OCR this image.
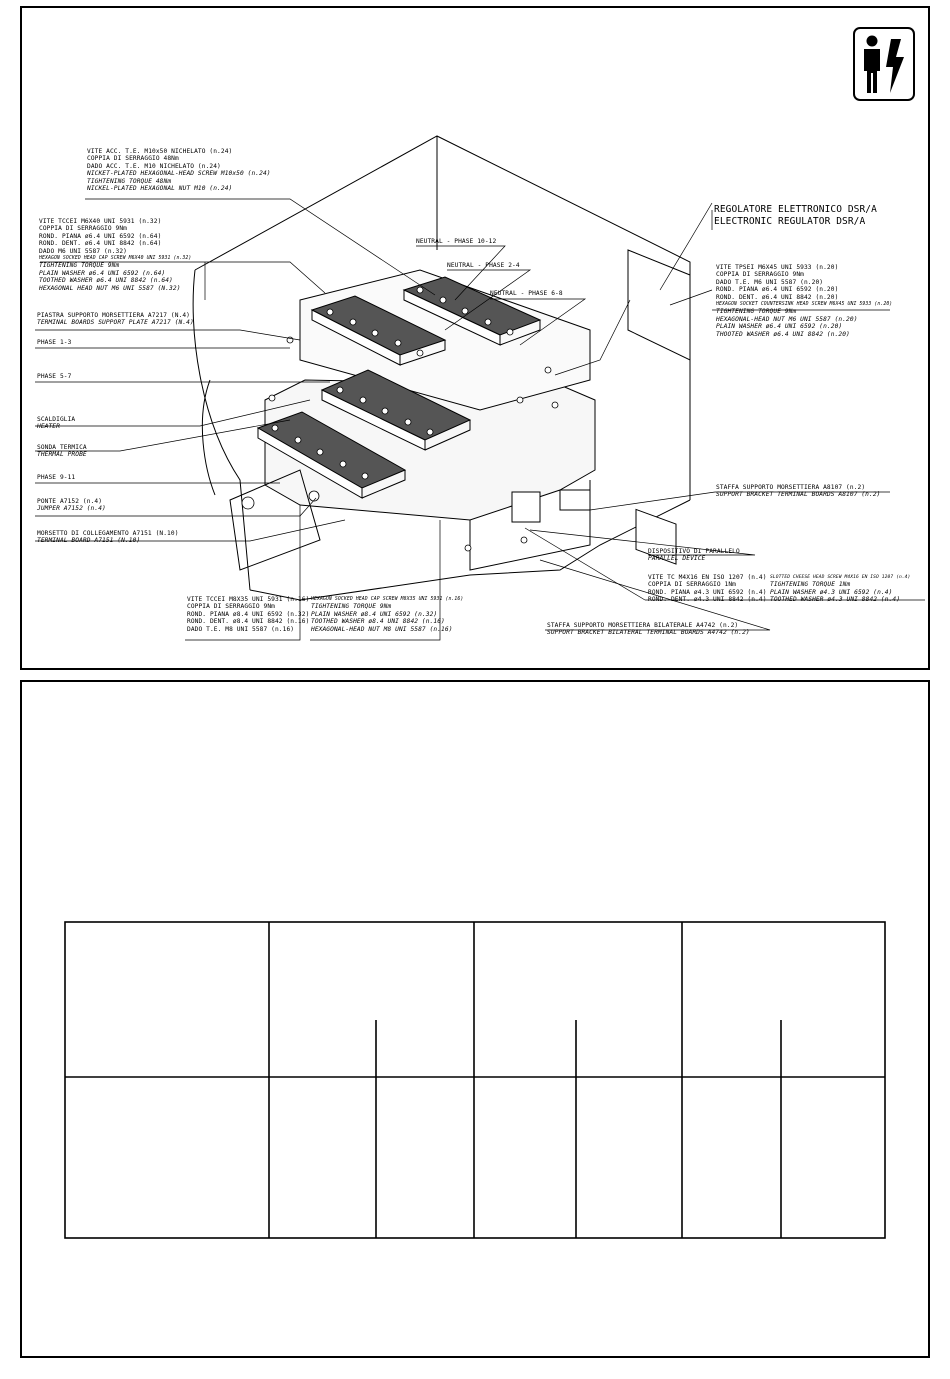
VITE ACC. T.E. M10x50 NICHELATO (n.24)
COPPIA DI SERRAGGIO 48Nm
DADO ACC. T.E. M10 NICHELATO (n.24)
NICKET-PLATED HEXAGONAL-HEAD SCREW M10x50 (n.24)
TIGHTENING TORQUE 48Nm
NICKEL-PLATED HEXAGONAL NUT M10 (n.24)
VITE TCCEI M6X40 UNI 5931 (n.32)
COPPIA DI SERRAGGIO 9Nm
ROND. PIANA ø6.4 UNI 6592 (n.64)
ROND. DENT. ø6.4 UNI 8842 (n.64)
DADO M6 UNI 5587 (n.32)
HEXAGON SOCKED HEAD CAP SCREW M6X40 UNI 5931 (n.32)
TIGHTENING TORQUE 9Nm
PLAIN WASHER ø6.4 UNI 6592 (n.64)
TOOTHED WASHER ø6.4 UNI 8842 (n.64)
HEXAGONAL HEAD NUT M6 UNI 5587 (N.32)
PIASTRA SUPPORTO MORSETTIERA A7217 (N.4)
TERMINAL BOARDS SUPPORT PLATE A7217 (N.4)
PHASE 1-3
PHASE 5-7
SCALDIGLIA
HEATER
SONDA TERMICA
THERMAL PROBE
PHASE 9-11
PONTE A7152 (n.4)
JUMPER A7152 (n.4)
MORSETTO DI COLLEGAMENTO A7151 (N.10)
TERMINAL BOARD A7151 (N.10)
VITE TCCEI M8X35 UNI 5931 (n.16)
COPPIA DI SERRAGGIO 9Nm
ROND. PIANA ø8.4 UNI 6592 (n.32)
ROND. DENT. ø8.4 UNI 8842 (n.16)
DADO T.E. M8 UNI 5587 (n.16)
HEXAGON SOCKED HEAD CAP SCREW M8X35 UNI 5931 (n.16)
TIGHTENING TORQUE 9Nm
PLAIN WASHER ø8.4 UNI 6592 (n.32)
TOOTHED WASHER ø8.4 UNI 8842 (n.16)
HEXAGONAL-HEAD NUT M8 UNI 5587 (n.16)
NEUTRAL - PHASE 10-12
NEUTRAL - PHASE 2-4
NEUTRAL - PHASE 6-8
REGOLATORE ELETTRONICO DSR/A
ELECTRONIC REGULATOR DSR/A
VITE TPSEI M6X45 UNI 5933 (n.20)
COPPIA DI SERRAGGIO 9Nm
DADO T.E. M6 UNI 5587 (n.20)
ROND. PIANA ø6.4 UNI 6592 (n.20)
ROND. DENT. ø6.4 UNI 8842 (n.20)
HEXAGON SOCKET COUNTERSINK HEAD SCREW M6X45 UNI 5933 (n.20)
TIGHTENING TORQUE 9Nm
HEXAGONAL-HEAD NUT M6 UNI 5587 (n.20)
PLAIN WASHER ø6.4 UNI 6592 (n.20)
THOOTED WASHER ø6.4 UNI 8842 (n.20)
STAFFA SUPPORTO MORSETTIERA A8107 (n.2)
SUPPORT BRACKET TERMINAL BOARDS A8107 (n.2)
DISPOSITIVO DI PARALLELO
PARALLEL DEVICE
VITE TC M4X16 EN ISO 1207 (n.4)
COPPIA DI SERRAGGIO 1Nm
ROND. PIANA ø4.3 UNI 6592 (n.4)
ROND. DENT. ø4.3 UNI 8842 (n.4)
SLOTTED CHEESE HEAD SCREW M4X16 EN ISO 1207 (n.4)
TIGHTENING TORQUE 1Nm
PLAIN WASHER ø4.3 UNI 6592 (n.4)
TOOTHED WASHER ø4.3 UNI 8842 (n.4)
STAFFA SUPPORTO MORSETTIERA BILATERALE A4742 (n.2)
SUPPORT BRACKET BILATERAL TERMINAL BOARDS A4742 (n.2)
